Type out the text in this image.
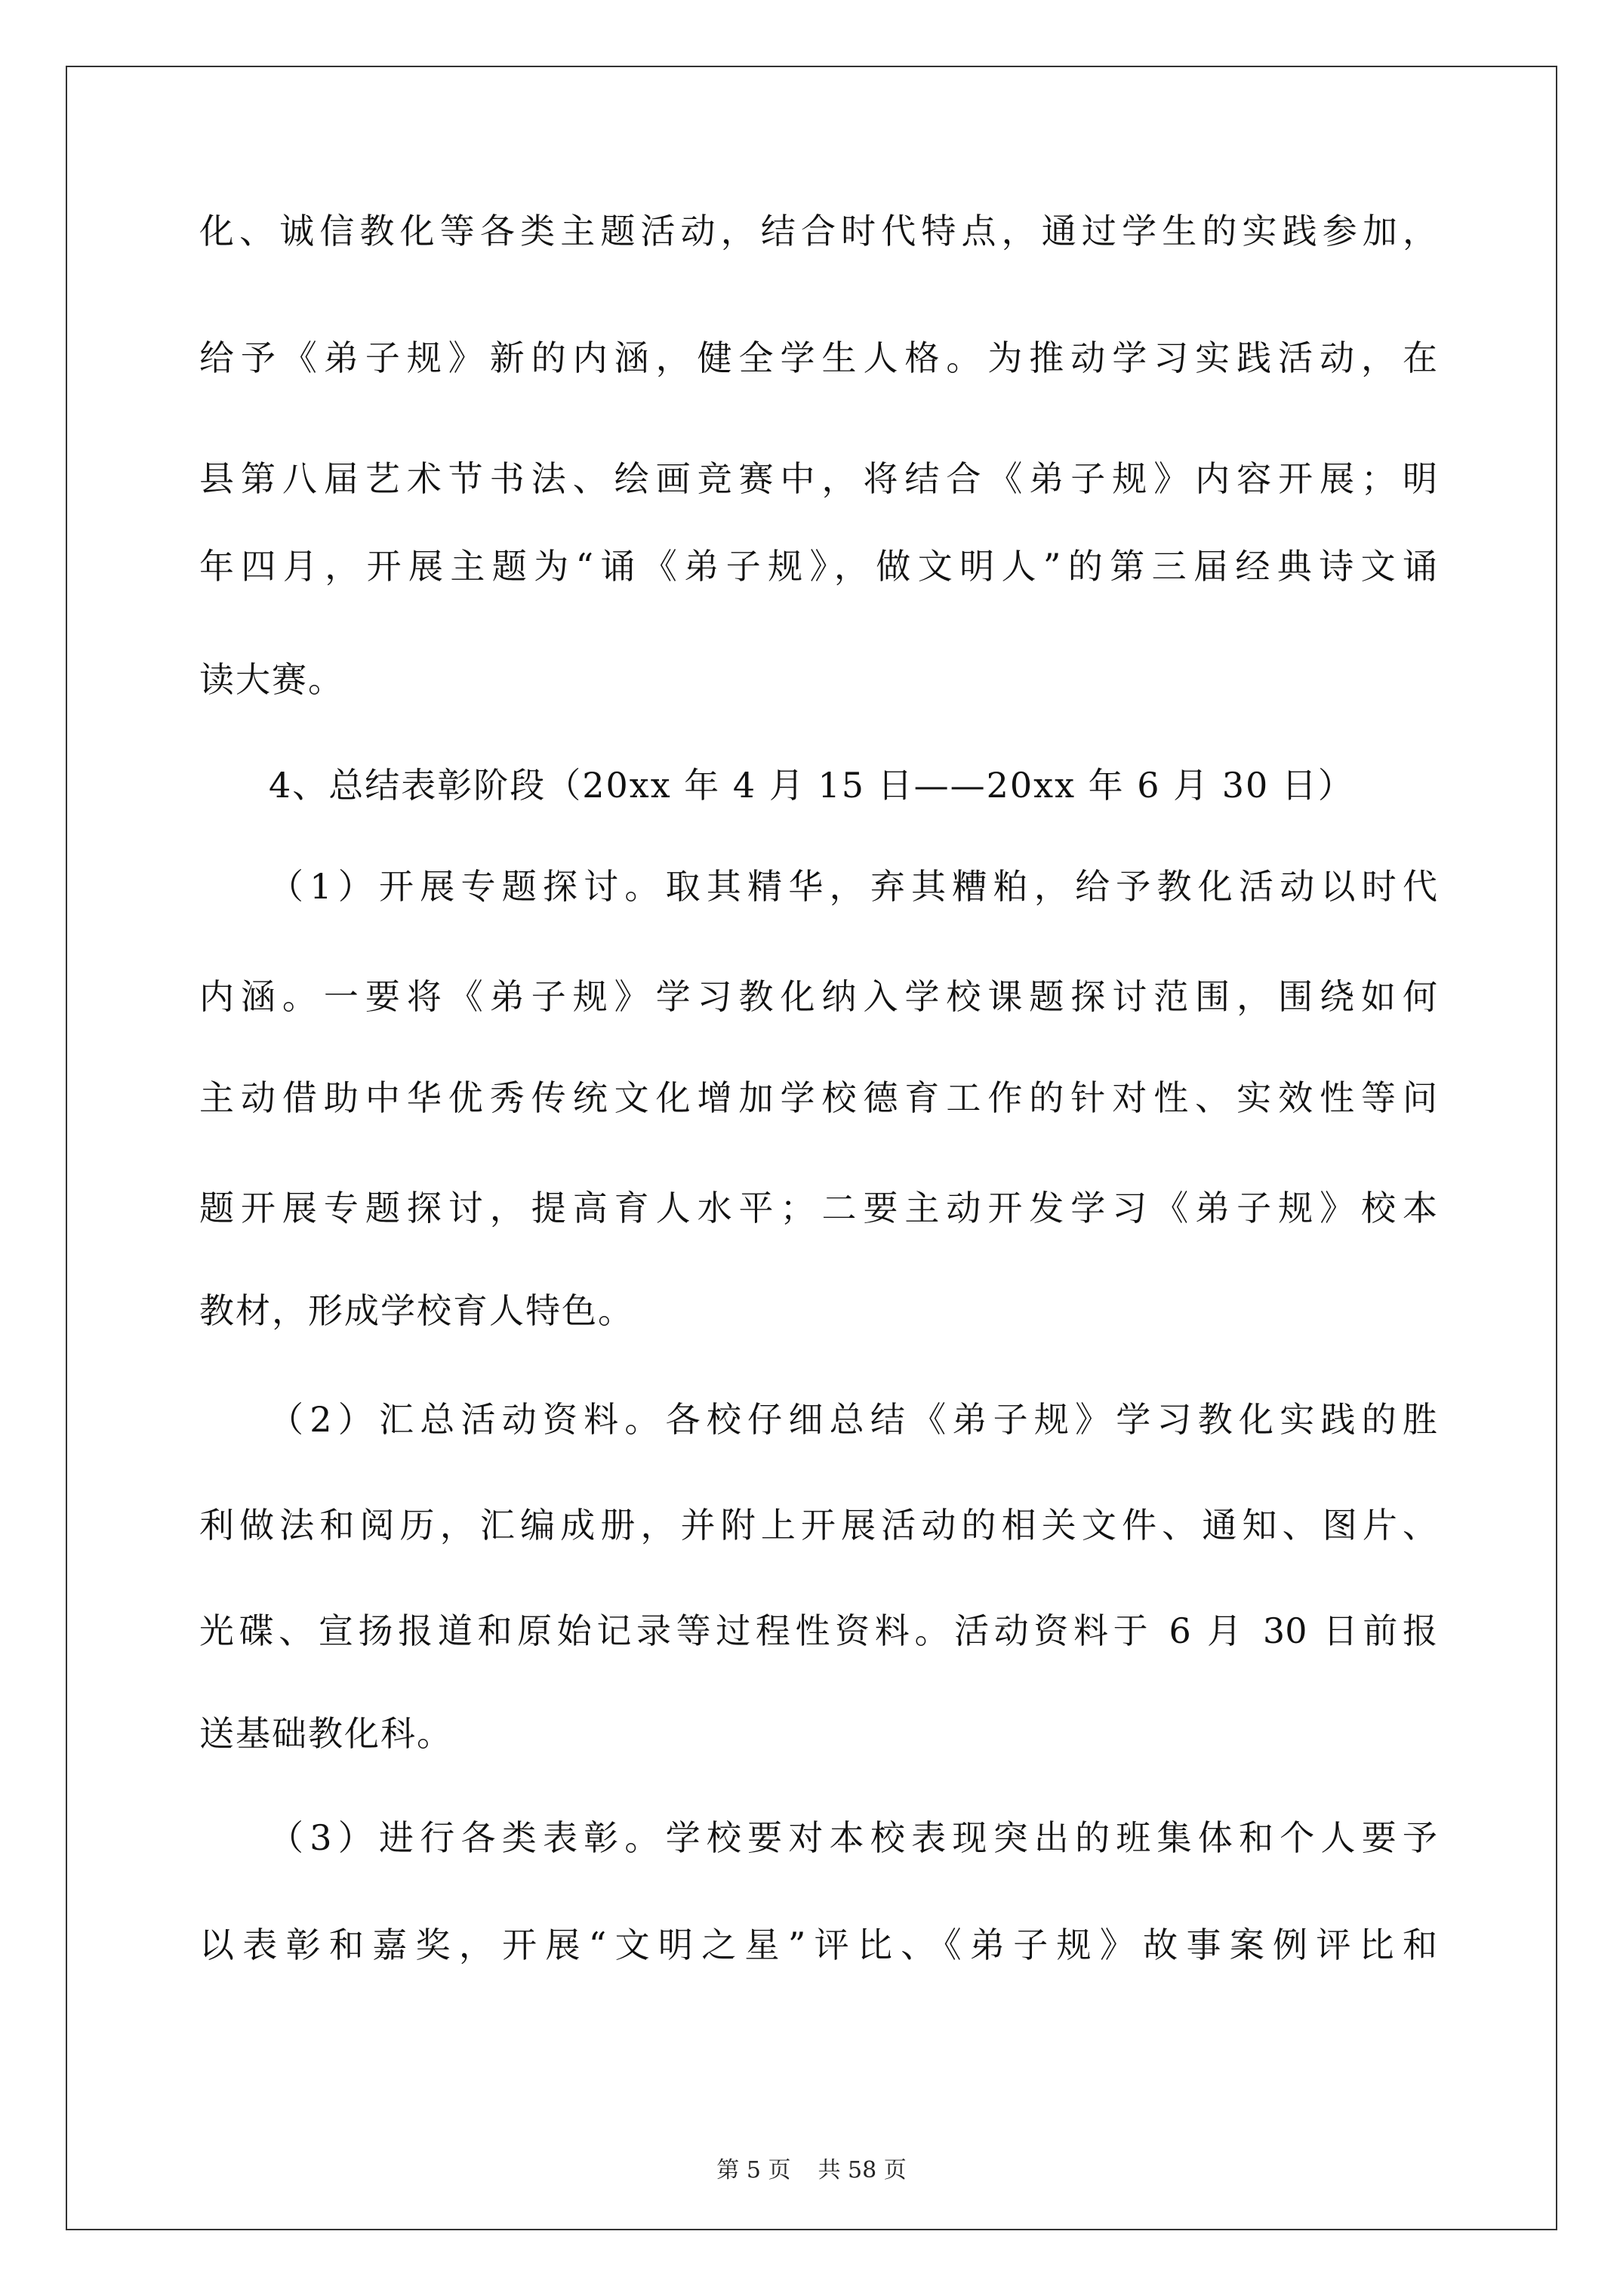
化、诚信教化等各类主题活动，结合时代特点，通过学生的实践参加，
给予《弟子规》新的内涵，健全学生人格。为推动学习实践活动，在
县第八届艺术节书法、绘画竞赛中，将结合《弟子规》内容开展；明
年四月，开展主题为“诵《弟子规》，做文明人”的第三届经典诗文诵
读大赛。
4、总结表彰阶段（20xx 年 4 月 15 日——20xx 年 6 月 30 日）
（1）开展专题探讨。取其精华，弃其糟粕，给予教化活动以时代
内涵。一要将《弟子规》学习教化纳入学校课题探讨范围，围绕如何
主动借助中华优秀传统文化增加学校德育工作的针对性、实效性等问
题开展专题探讨，提高育人水平；二要主动开发学习《弟子规》校本
教材，形成学校育人特色。
（2）汇总活动资料。各校仔细总结《弟子规》学习教化实践的胜
利做法和阅历，汇编成册，并附上开展活动的相关文件、通知、图片、
光碟、宣扬报道和原始记录等过程性资料。活动资料于 6 月 30 日前报
送基础教化科。
（3）进行各类表彰。学校要对本校表现突出的班集体和个人要予
以表彰和嘉奖，开展“文明之星”评比、《弟子规》故事案例评比和
第 5 页 共 58 页
